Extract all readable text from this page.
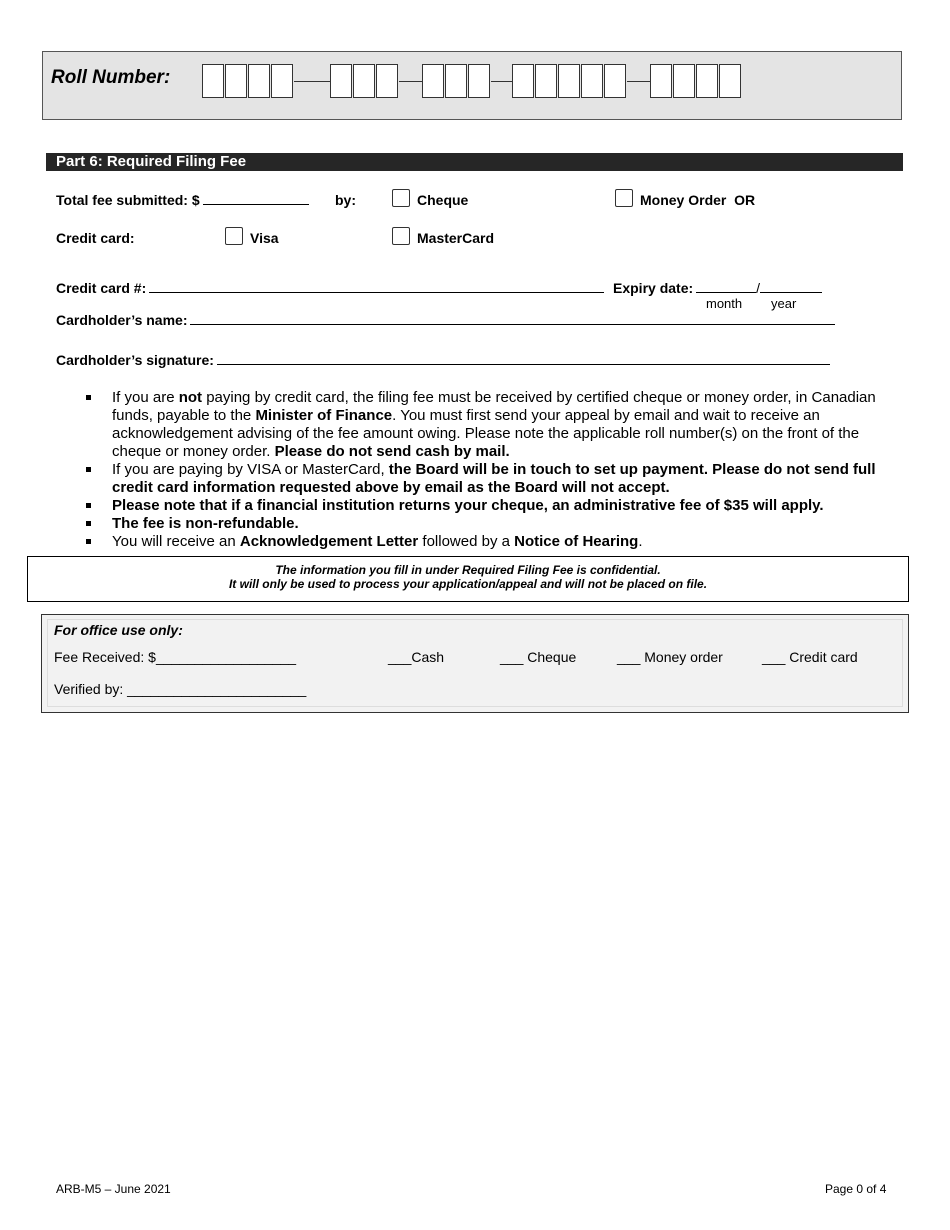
Roll Number:
Part 6: Required Filing Fee
Total fee submitted: $	by:	Cheque	Money Order OR
Credit card:	Visa	MasterCard
Credit card #:	Expiry date:	/
month year
Cardholder’s name:
Cardholder’s signature:

If you are not paying by credit card, the filing fee must be received by certified cheque or money order, in Canadian funds, payable to the Minister of Finance. You must first send your appeal by email and wait to receive an acknowledgement advising of the fee amount owing. Please note the applicable roll number(s) on the front of the cheque or money order. Please do not send cash by mail.

If you are paying by VISA or MasterCard, the Board will be in touch to set up payment. Please do not send full credit card information requested above by email as the Board will not accept.

Please note that if a financial institution returns your cheque, an administrative fee of $35 will apply.

The fee is non-refundable.

You will receive an Acknowledgement Letter followed by a Notice of Hearing.

The information you fill in under Required Filing Fee is confidential.
It will only be used to process your application/appeal and will not be placed on file.
For office use only:
Fee Received: $__________________	___Cash	___ Cheque	___ Money order	___ Credit card
Verified by: _______________________
ARB-M5 – June 2021	Page 0 of 4
